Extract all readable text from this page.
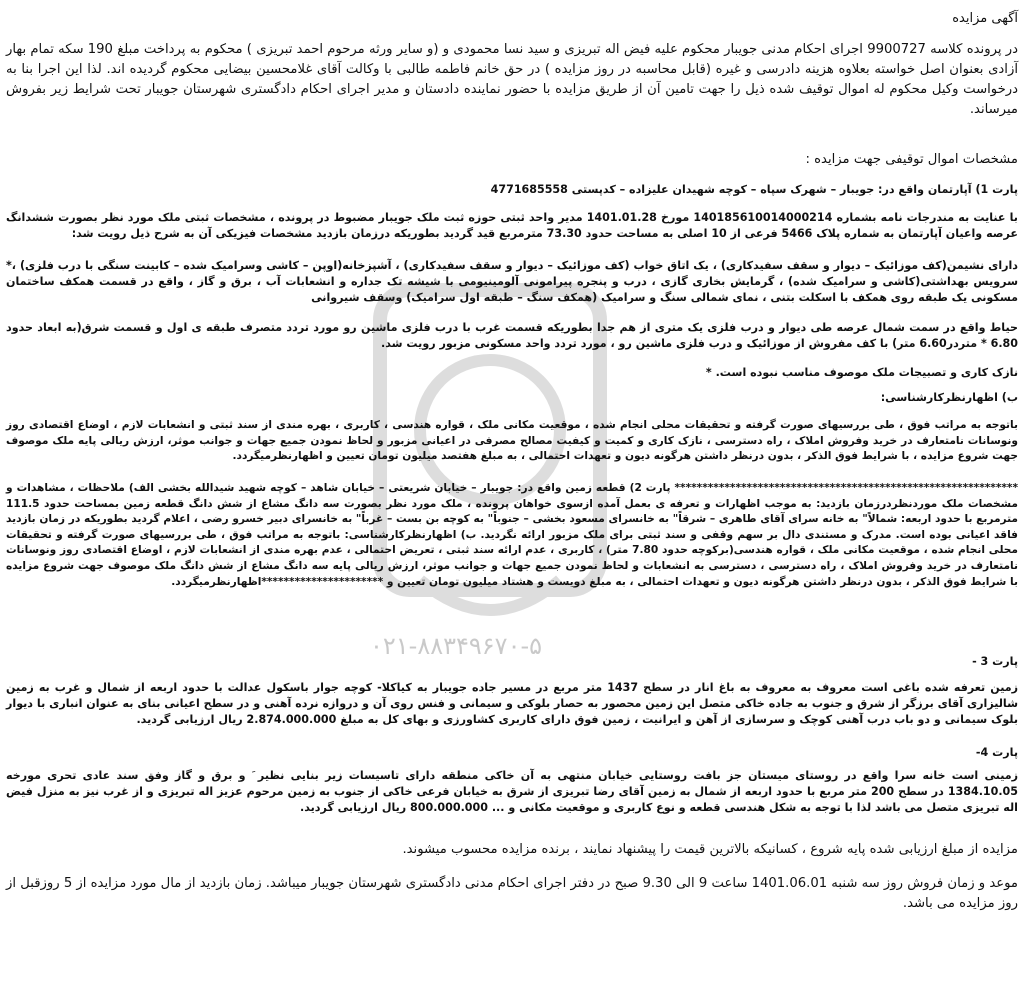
۰۲۱-۸۸۳۴۹۶۷۰-۵
آگهی مزایده
در پرونده کلاسه 9900727 اجرای احکام مدنی جویبار محکوم علیه فیض اله تبریزی و سید نسا محمودی و (و سایر ورثه مرحوم احمد تبریزی ) محکوم به پرداخت مبلغ 190 سکه تمام بهار آزادی بعنوان اصل خواسته بعلاوه هزینه دادرسی و غیره (قابل محاسبه در روز مزایده ) در حق خانم فاطمه طالبی با وکالت آقای غلامحسین بیضایی محکوم گردیده اند. لذا این اجرا بنا به درخواست وکیل محکوم له اموال توقیف شده ذیل را جهت تامین آن از طریق مزایده با حضور نماینده دادستان و مدیر اجرای احکام دادگستری شهرستان جویبار تحت شرایط زیر بفروش میرساند.
مشخصات اموال توقیفی جهت مزایده :
پارت 1) آپارتمان واقع در: جویبار – شهرک سپاه – کوچه شهیدان علیزاده – کدپستی 4771685558
با عنایت به مندرجات نامه بشماره 140185610014000214 مورخ 1401.01.28 مدیر واحد ثبتی حوزه ثبت ملک جویبار مضبوط در پرونده ، مشخصات ثبتی ملک مورد نظر بصورت ششدانگ عرصه واعیان آپارتمان به شماره پلاک 5466 فرعی از 10 اصلی به مساحت حدود 73.30 مترمربع قید گردید بطوریکه درزمان بازدید مشخصات فیزیکی آن به شرح ذیل رویت شد:
دارای نشیمن(کف موزائیک – دیوار و سقف سفیدکاری) ، یک اتاق خواب (کف موزائیک – دیوار و سقف سفیدکاری) ، آشپزخانه(اوپن – کاشی وسرامیک شده – کابینت سنگی با درب فلزی) ،* سرویس بهداشتی(کاشی و سرامیک شده) ، گرمایش بخاری گازی ، درب و پنجره پیرامونی آلومینیومی با شیشه تک جداره و انشعابات آب ، برق و گاز ، واقع در قسمت همکف ساختمان مسکونی یک طبقه روی همکف با اسکلت بتنی ، نمای شمالی سنگ و سرامیک (همکف سنگ – طبقه اول سرامیک) وسقف شیروانی
حیاط واقع در سمت شمال عرصه طی دیوار و درب فلزی یک متری از هم جدا بطوریکه قسمت غرب با درب فلزی ماشین رو مورد تردد متصرف طبقه ی اول و قسمت شرق(به ابعاد حدود 6.80 * متردر6.60 متر) با کف مفروش از موزائیک و درب فلزی ماشین رو ، مورد تردد واحد مسکونی مزبور رویت شد.
نازک کاری و تصبیجات ملک موصوف مناسب نبوده است. *
ب) اظهارنظرکارشناسی:
باتوجه به مراتب فوق ، طی بررسیهای صورت گرفته و تحقیقات محلی انجام شده ، موقعیت مکانی ملک ، قواره هندسی ، کاربری ، بهره مندی از سند ثبتی و انشعابات لازم ، اوضاع اقتصادی روز ونوسانات نامتعارف در خرید وفروش املاک ، راه دسترسی ، نازک کاری و کمیت و کیفیت مصالح مصرفی در اعیانی مزبور و لحاظ نمودن جمیع جهات و جوانب موثر، ارزش ریالی پایه ملک موصوف جهت شروع مزایده ، با شرایط فوق الذکر ، بدون درنظر داشتن هرگونه دیون و تعهدات احتمالی ، به مبلغ هفتصد میلیون تومان تعیین و اظهارنظرمیگردد.
************************************************************** پارت 2) قطعه زمین واقع در: جویبار – خیابان شریعتی – خیابان شاهد – کوچه شهید شیدالله بخشی الف) ملاحظات ، مشاهدات و مشخصات ملک موردنظردرزمان بازدید: به موجب اظهارات و تعرفه ی بعمل آمده ازسوی خواهان پرونده ، ملک مورد نظر بصورت سه دانگ مشاع از شش دانگ قطعه زمین بمساحت حدود 111.5 مترمربع با حدود اربعه: شمالاً" به خانه سرای آقای طاهری – شرقاً" به خانسرای مسعود بخشی – جنوباً" به کوچه بن بست – غرباً" به خانسرای دبیر خسرو رضی ، اعلام گردید بطوریکه در زمان بازدید فاقد اعیانی بوده است. مدرک و مستندی دال بر سهم وقفی و سند ثبتی برای ملک مزبور ارائه نگردید. ب) اظهارنظرکارشناسی: باتوجه به مراتب فوق ، طی بررسیهای صورت گرفته و تحقیقات محلی انجام شده ، موقعیت مکانی ملک ، قواره هندسی(برکوچه حدود 7.80 متر) ، کاربری ، عدم ارائه سند ثبتی ، تعریض احتمالی ، عدم بهره مندی از انشعابات لازم ، اوضاع اقتصادی روز ونوسانات نامتعارف در خرید وفروش املاک ، راه دسترسی ، دسترسی به انشعابات و لحاظ نمودن جمیع جهات و جوانب موثر، ارزش ریالی پایه سه دانگ مشاع از شش دانگ ملک موصوف جهت شروع مزایده با شرایط فوق الذکر ، بدون درنظر داشتن هرگونه دیون و تعهدات احتمالی ، به مبلغ دویست و هشتاد میلیون تومان تعیین و **********************اظهارنظرمیگردد.
پارت 3 -
زمین تعرفه شده باغی است معروف به معروف به باغ انار در سطح 1437 متر مربع در مسیر جاده جویبار به کیاکلا- کوچه جوار باسکول عدالت با حدود اربعه از شمال و غرب به زمین شالیزاری آقای برزگر از شرق و جنوب به جاده خاکی متصل این زمین محصور به حصار بلوکی و سیمانی و فنس روی آن و دروازه نرده آهنی و در سطح اعیانی بنای به عنوان انباری با دیوار بلوک سیمانی و دو باب درب آهنی کوچک و سرسازی از آهن و ایرانیت ، زمین فوق دارای کاربری کشاورزی و بهای کل به مبلغ 2.874.000.000 ریال ارزیابی گردید.
پارت 4-
زمینی است خانه سرا واقع در روستای میستان جز بافت روستایی خیابان منتهی به آن خاکی منطقه دارای تاسیسات زیر بنایی نظیر َ و برق و گاز وفق سند عادی تحری مورخه 1384.10.05 در سطح 200 متر مربع با حدود اربعه از شمال به زمین آقای رضا تبریزی از شرق به خیابان فرعی خاکی از جنوب به زمین مرحوم عزیز اله تبریزی و از غرب نیز به منزل فیض اله تبریزی متصل می باشد لذا با توجه به شکل هندسی قطعه و نوع کاربری و موقعیت مکانی و ... 800.000.000 ریال ارزیابی گردید.
مزایده از مبلغ ارزیابی شده پایه شروع ، کسانیکه بالاترین قیمت را پیشنهاد نمایند ، برنده مزایده محسوب میشوند.
موعد و زمان فروش روز سه شنبه 1401.06.01 ساعت 9 الی 9.30 صبح در دفتر اجرای احکام مدنی دادگستری شهرستان جویبار میباشد. زمان بازدید از مال مورد مزایده از 5 روزقبل از روز مزایده می باشد.
